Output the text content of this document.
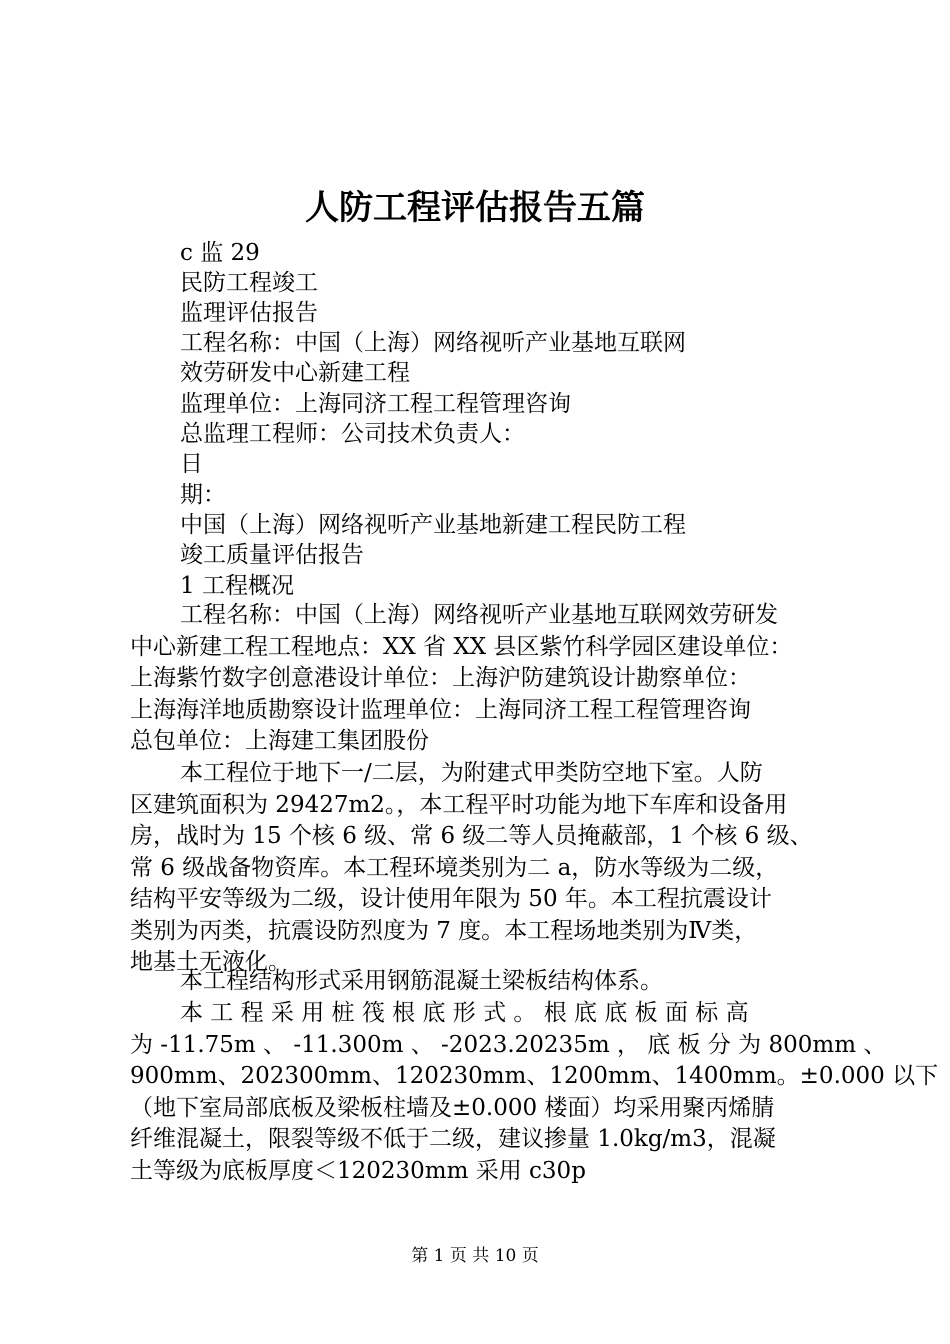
人防工程评估报告五篇
c 监 29
民防工程竣工
监理评估报告
工程名称：中国（上海）网络视听产业基地互联网
效劳研发中心新建工程
监理单位：上海同济工程工程管理咨询
总监理工程师：公司技术负责人：
日
期：
中国（上海）网络视听产业基地新建工程民防工程
竣工质量评估报告
1 工程概况
工程名称：中国（上海）网络视听产业基地互联网效劳研发
中心新建工程工程地点：XX 省 XX 县区紫竹科学园区建设单位：
上海紫竹数字创意港设计单位：上海沪防建筑设计勘察单位：
上海海洋地质勘察设计监理单位：上海同济工程工程管理咨询
总包单位：上海建工集团股份
本工程位于地下一/二层，为附建式甲类防空地下室。人防
区建筑面积为 29427m2。，本工程平时功能为地下车库和设备用
房，战时为 15 个核 6 级、常 6 级二等人员掩蔽部，1 个核 6 级、
常 6 级战备物资库。本工程环境类别为二 a，防水等级为二级，
结构平安等级为二级，设计使用年限为 50 年。本工程抗震设计
类别为丙类，抗震设防烈度为 7 度。本工程场地类别为Ⅳ类，
地基土无液化。
本工程结构形式采用钢筋混凝土梁板结构体系。
本 工 程 采 用 桩 筏 根 底 形 式 。 根 底 底 板 面 标 高
为 -11.75m 、 -11.300m 、 -2023.20235m ， 底 板 分 为 800mm 、
900mm、202300mm、120230mm、1200mm、1400mm。±0.000 以下
（地下室局部底板及梁板柱墙及±0.000 楼面）均采用聚丙烯腈
纤维混凝土，限裂等级不低于二级，建议掺量 1.0kg/m3，混凝
土等级为底板厚度＜120230mm 采用 c30p
第 1 页 共 10 页
